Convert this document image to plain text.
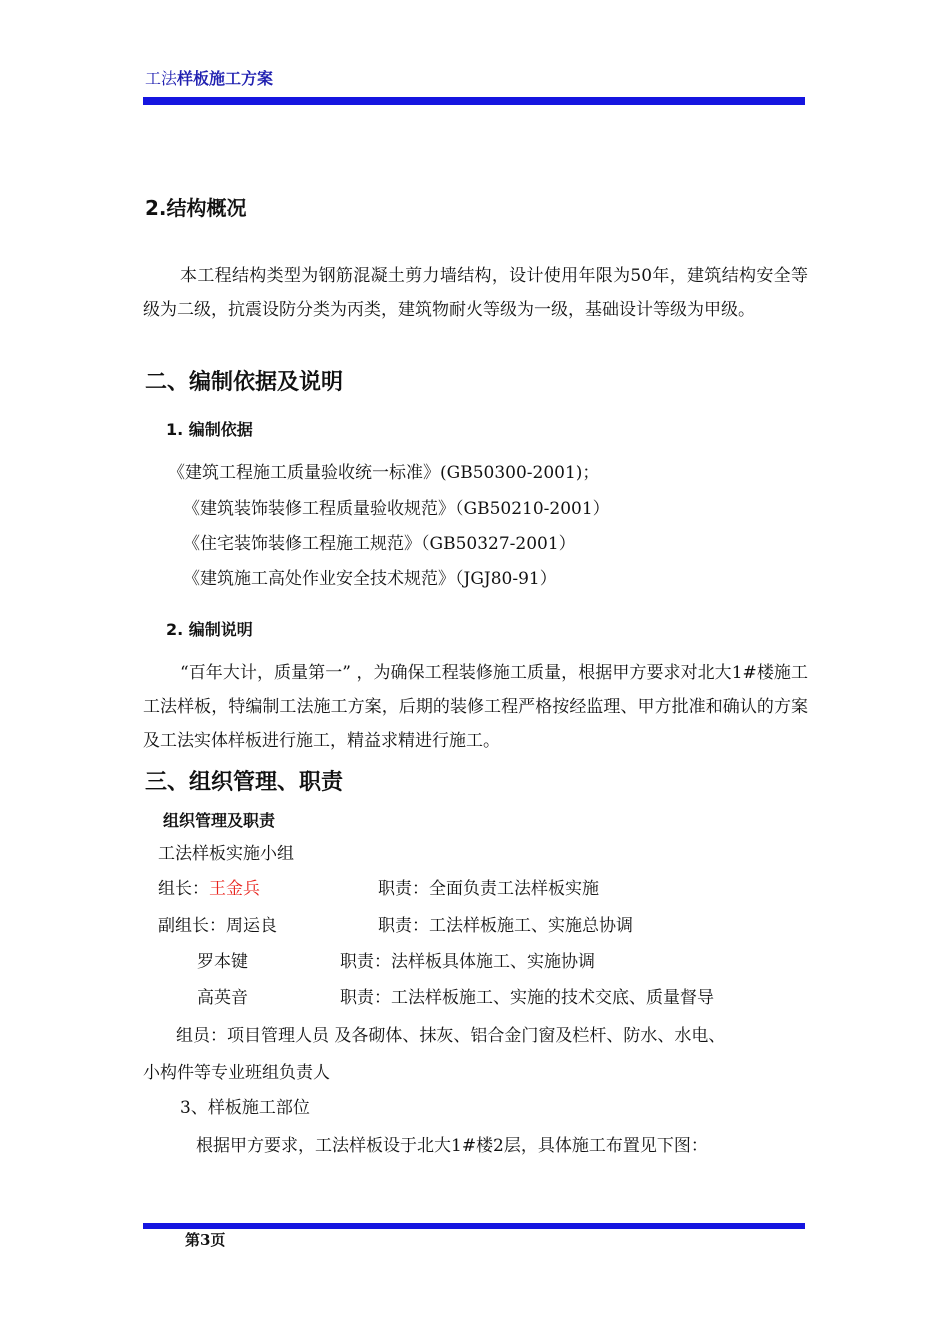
工法样板施工方案
2.结构概况
本工程结构类型为钢筋混凝土剪力墙结构，设计使用年限为50年，建筑结构安全等级为二级，抗震设防分类为丙类，建筑物耐火等级为一级，基础设计等级为甲级。
二、编制依据及说明
1. 编制依据
《建筑工程施工质量验收统一标准》(GB50300-2001)；
《建筑装饰装修工程质量验收规范》（GB50210-2001）
《住宅装饰装修工程施工规范》（GB50327-2001）
《建筑施工高处作业安全技术规范》（JGJ80-91）
2. 编制说明
“百年大计，质量第一” ，为确保工程装修施工质量，根据甲方要求对北大1#楼施工工法样板，特编制工法施工方案，后期的装修工程严格按经监理、甲方批准和确认的方案及工法实体样板进行施工，精益求精进行施工。
三、组织管理、职责
组织管理及职责
工法样板实施小组
组长：王金兵	职责：全面负责工法样板实施
副组长：周运良	职责：工法样板施工、实施总协调
罗本键	职责：法样板具体施工、实施协调
高英音	职责：工法样板施工、实施的技术交底、质量督导
组员：项目管理人员 及各砌体、抹灰、铝合金门窗及栏杆、防水、水电、
小构件等专业班组负责人
3、样板施工部位
根据甲方要求，工法样板设于北大1#楼2层，具体施工布置见下图：
第3页
